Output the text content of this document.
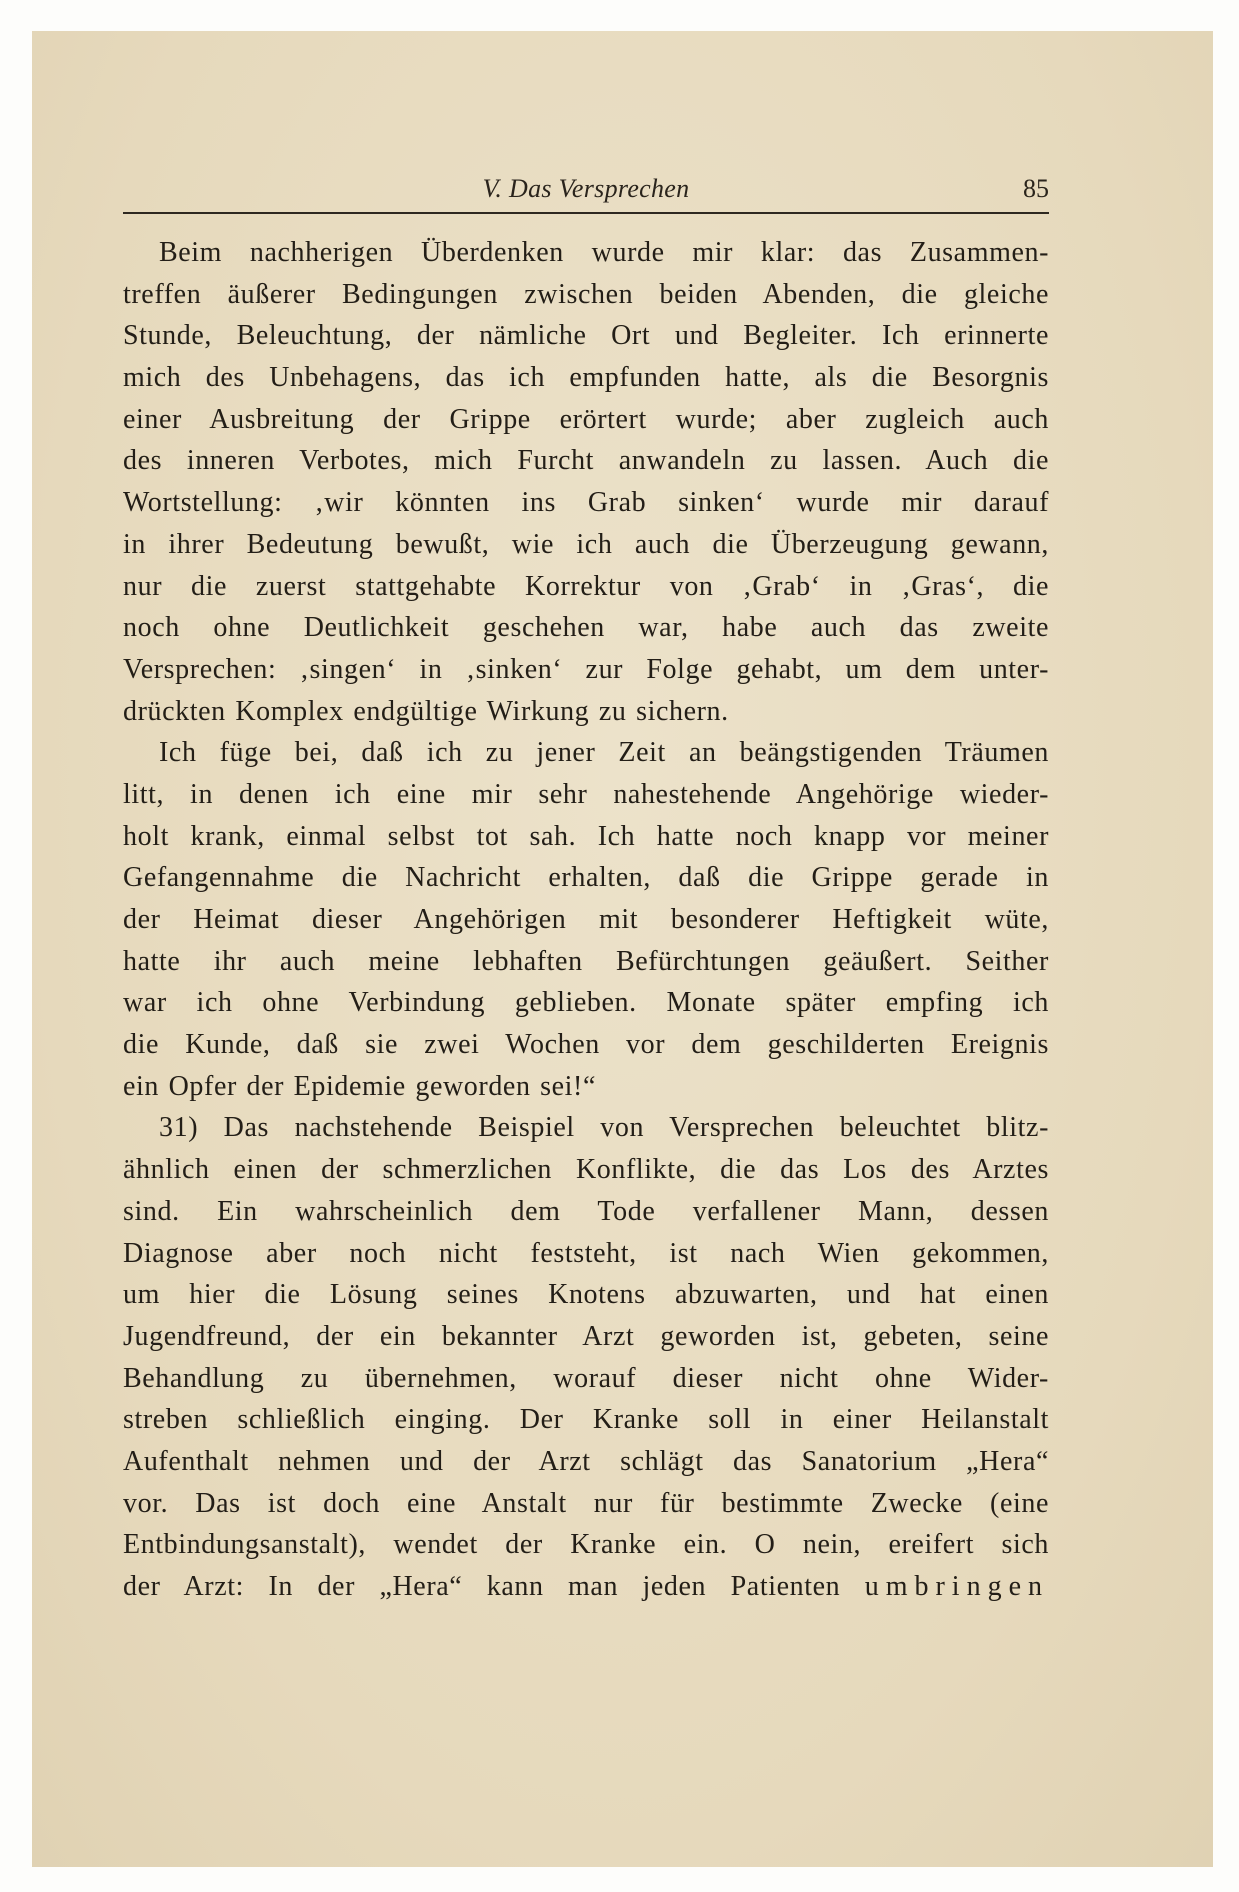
V. Das Versprechen	85
Beim nachherigen Überdenken wurde mir klar: das Zusammen-
treffen äußerer Bedingungen zwischen beiden Abenden, die gleiche
Stunde, Beleuchtung, der nämliche Ort und Begleiter. Ich erinnerte
mich des Unbehagens, das ich empfunden hatte, als die Besorgnis
einer Ausbreitung der Grippe erörtert wurde; aber zugleich auch
des inneren Verbotes, mich Furcht anwandeln zu lassen. Auch die
Wortstellung: ‚wir könnten ins Grab sinken‘ wurde mir darauf
in ihrer Bedeutung bewußt, wie ich auch die Überzeugung gewann,
nur die zuerst stattgehabte Korrektur von ‚Grab‘ in ‚Gras‘, die
noch ohne Deutlichkeit geschehen war, habe auch das zweite
Versprechen: ‚singen‘ in ‚sinken‘ zur Folge gehabt, um dem unter-
drückten Komplex endgültige Wirkung zu sichern.
Ich füge bei, daß ich zu jener Zeit an beängstigenden Träumen
litt, in denen ich eine mir sehr nahestehende Angehörige wieder-
holt krank, einmal selbst tot sah. Ich hatte noch knapp vor meiner
Gefangennahme die Nachricht erhalten, daß die Grippe gerade in
der Heimat dieser Angehörigen mit besonderer Heftigkeit wüte,
hatte ihr auch meine lebhaften Befürchtungen geäußert. Seither
war ich ohne Verbindung geblieben. Monate später empfing ich
die Kunde, daß sie zwei Wochen vor dem geschilderten Ereignis
ein Opfer der Epidemie geworden sei!“
31) Das nachstehende Beispiel von Versprechen beleuchtet blitz-
ähnlich einen der schmerzlichen Konflikte, die das Los des Arztes
sind. Ein wahrscheinlich dem Tode verfallener Mann, dessen
Diagnose aber noch nicht feststeht, ist nach Wien gekommen,
um hier die Lösung seines Knotens abzuwarten, und hat einen
Jugendfreund, der ein bekannter Arzt geworden ist, gebeten, seine
Behandlung zu übernehmen, worauf dieser nicht ohne Wider-
streben schließlich einging. Der Kranke soll in einer Heilanstalt
Aufenthalt nehmen und der Arzt schlägt das Sanatorium „Hera“
vor. Das ist doch eine Anstalt nur für bestimmte Zwecke (eine
Entbindungsanstalt), wendet der Kranke ein. O nein, ereifert sich
der Arzt: In der „Hera“ kann man jeden Patienten umbringen
